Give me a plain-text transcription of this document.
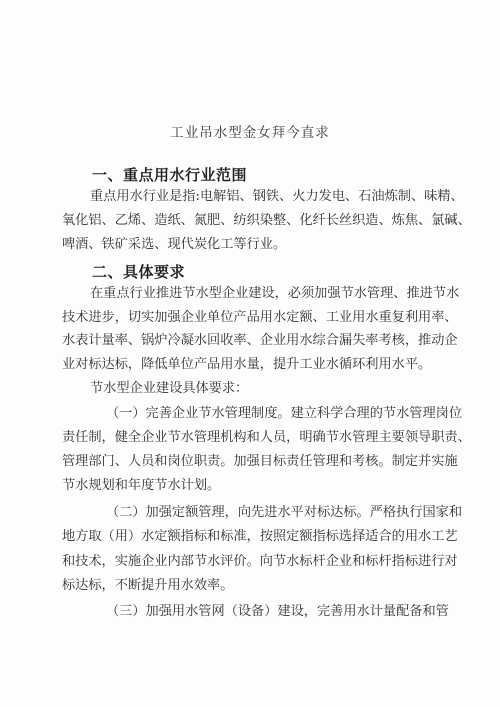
工业吊水型金女拜今直求
一、重点用水行业范围
重点用水行业是指:电解铝、钢铁、火力发电、石油炼制、味精、
氧化铝、乙烯、造纸、氮肥、纺织染整、化纤长丝织造、炼焦、氯碱、
啤酒、铁矿采选、现代炭化工等行业。
二、具体要求
在重点行业推进节水型企业建设，必须加强节水管理、推进节水
技术进步，切实加强企业单位产品用水定额、工业用水重复利用率、
水表计量率、锅炉冷凝水回收率、企业用水综合漏失率考核，推动企
业对标达标，降低单位产品用水量，提升工业水循环利用水平。
节水型企业建设具体要求：
（一）完善企业节水管理制度。建立科学合理的节水管理岗位
责任制，健全企业节水管理机构和人员，明确节水管理主要领导职责、
管理部门、人员和岗位职责。加强目标责任管理和考核。制定并实施
节水规划和年度节水计划。
（二）加强定额管理，向先进水平对标达标。严格执行国家和
地方取（用）水定额指标和标准，按照定额指标选择适合的用水工艺
和技术，实施企业内部节水评价。向节水标杆企业和标杆指标进行对
标达标，不断提升用水效率。
（三）加强用水管网（设备）建设，完善用水计量配备和管
